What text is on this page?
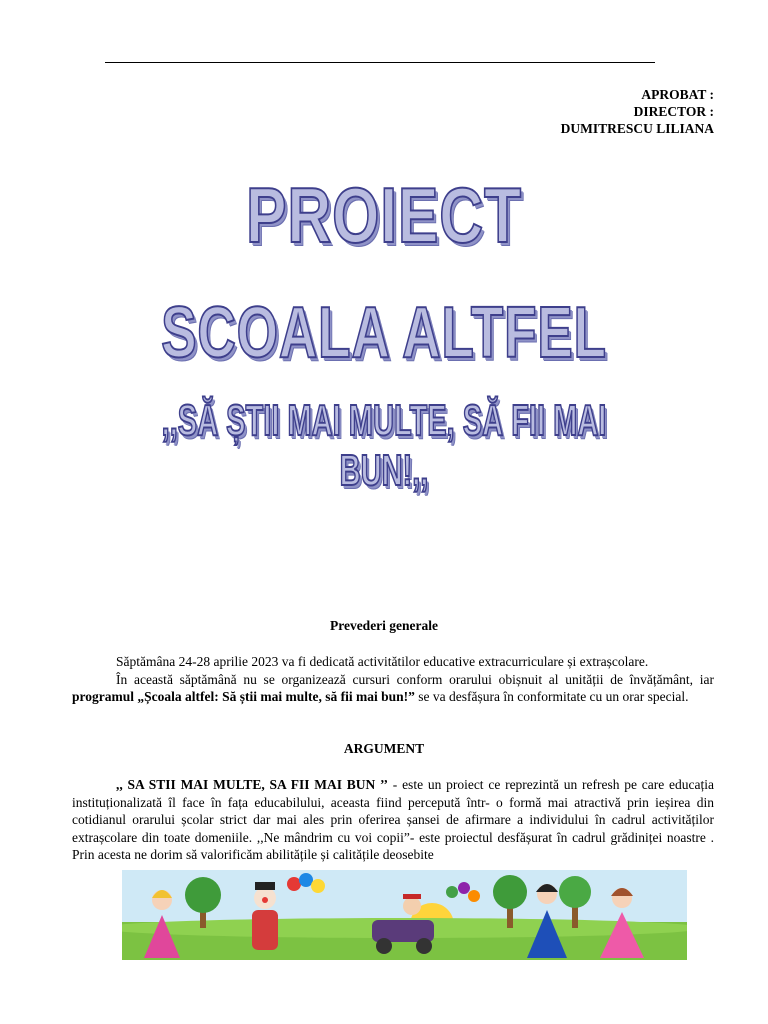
APROBAT :
DIRECTOR :
DUMITRESCU LILIANA
PROIECT
SCOALA ALTFEL
,,SĂ ȘTII MAI MULTE, SĂ FII MAI BUN!,,
Prevederi generale
Săptămâna 24-28 aprilie 2023 va fi dedicată activitătilor educative extracurriculare și extrașcolare.
În această săptămână nu se organizează cursuri conform orarului obișnuit al unității de învățământ, iar programul „Școala altfel: Să știi mai multe, să fii mai bun!” se va desfășura în conformitate cu un orar special.
ARGUMENT
,, SA STII MAI MULTE, SA FII MAI BUN ’’ - este un proiect ce reprezintă un refresh pe care educația instituționalizată îl face în fața educabilului, aceasta fiind percepută într- o formă mai atractivă prin ieșirea din cotidianul orarului școlar strict dar mai ales prin oferirea șansei de afirmare a individului în cadrul activităților extrașcolare din toate domeniile. ,,Ne mândrim cu voi copii”- este proiectul desfășurat în cadrul grădiniței noastre . Prin acesta ne dorim să valorificăm abilitățile și calitățile deosebite
